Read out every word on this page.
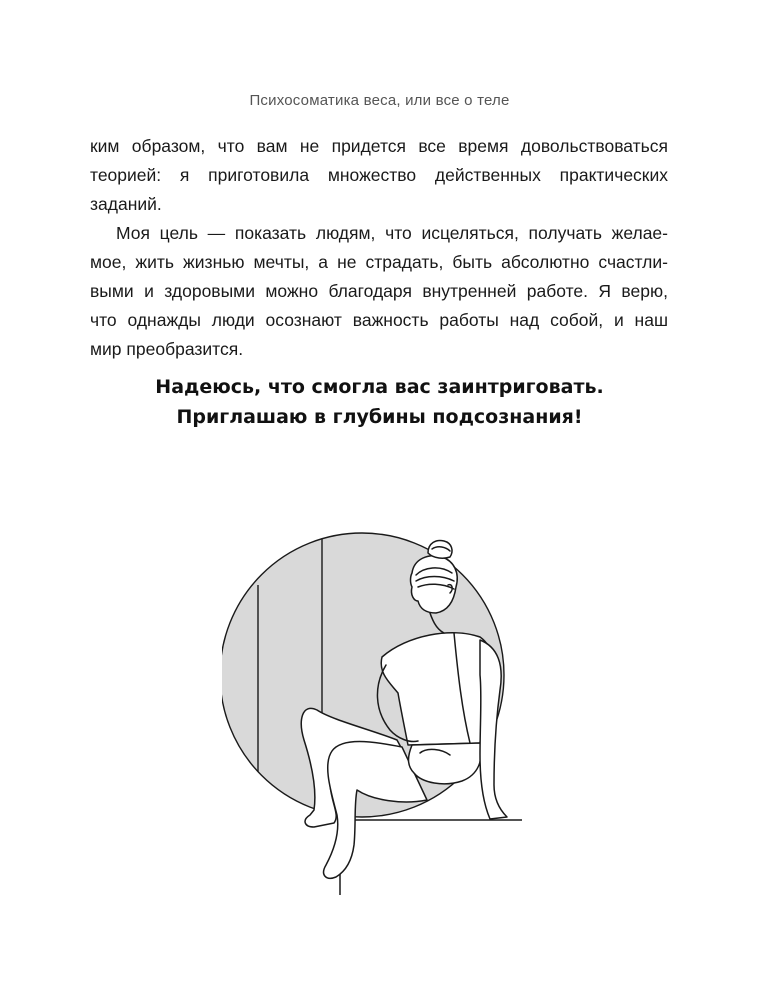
Психосоматика веса, или все о теле
ким образом, что вам не придется все время довольствоваться
теорией: я приготовила множество действенных практических
заданий.
Моя цель — показать людям, что исцеляться, получать желае-
мое, жить жизнью мечты, а не страдать, быть абсолютно счастли-
выми и здоровыми можно благодаря внутренней работе. Я верю,
что однажды люди осознают важность работы над собой, и наш
мир преобразится.
Надеюсь, что смогла вас заинтриговать.
Приглашаю в глубины подсознания!
